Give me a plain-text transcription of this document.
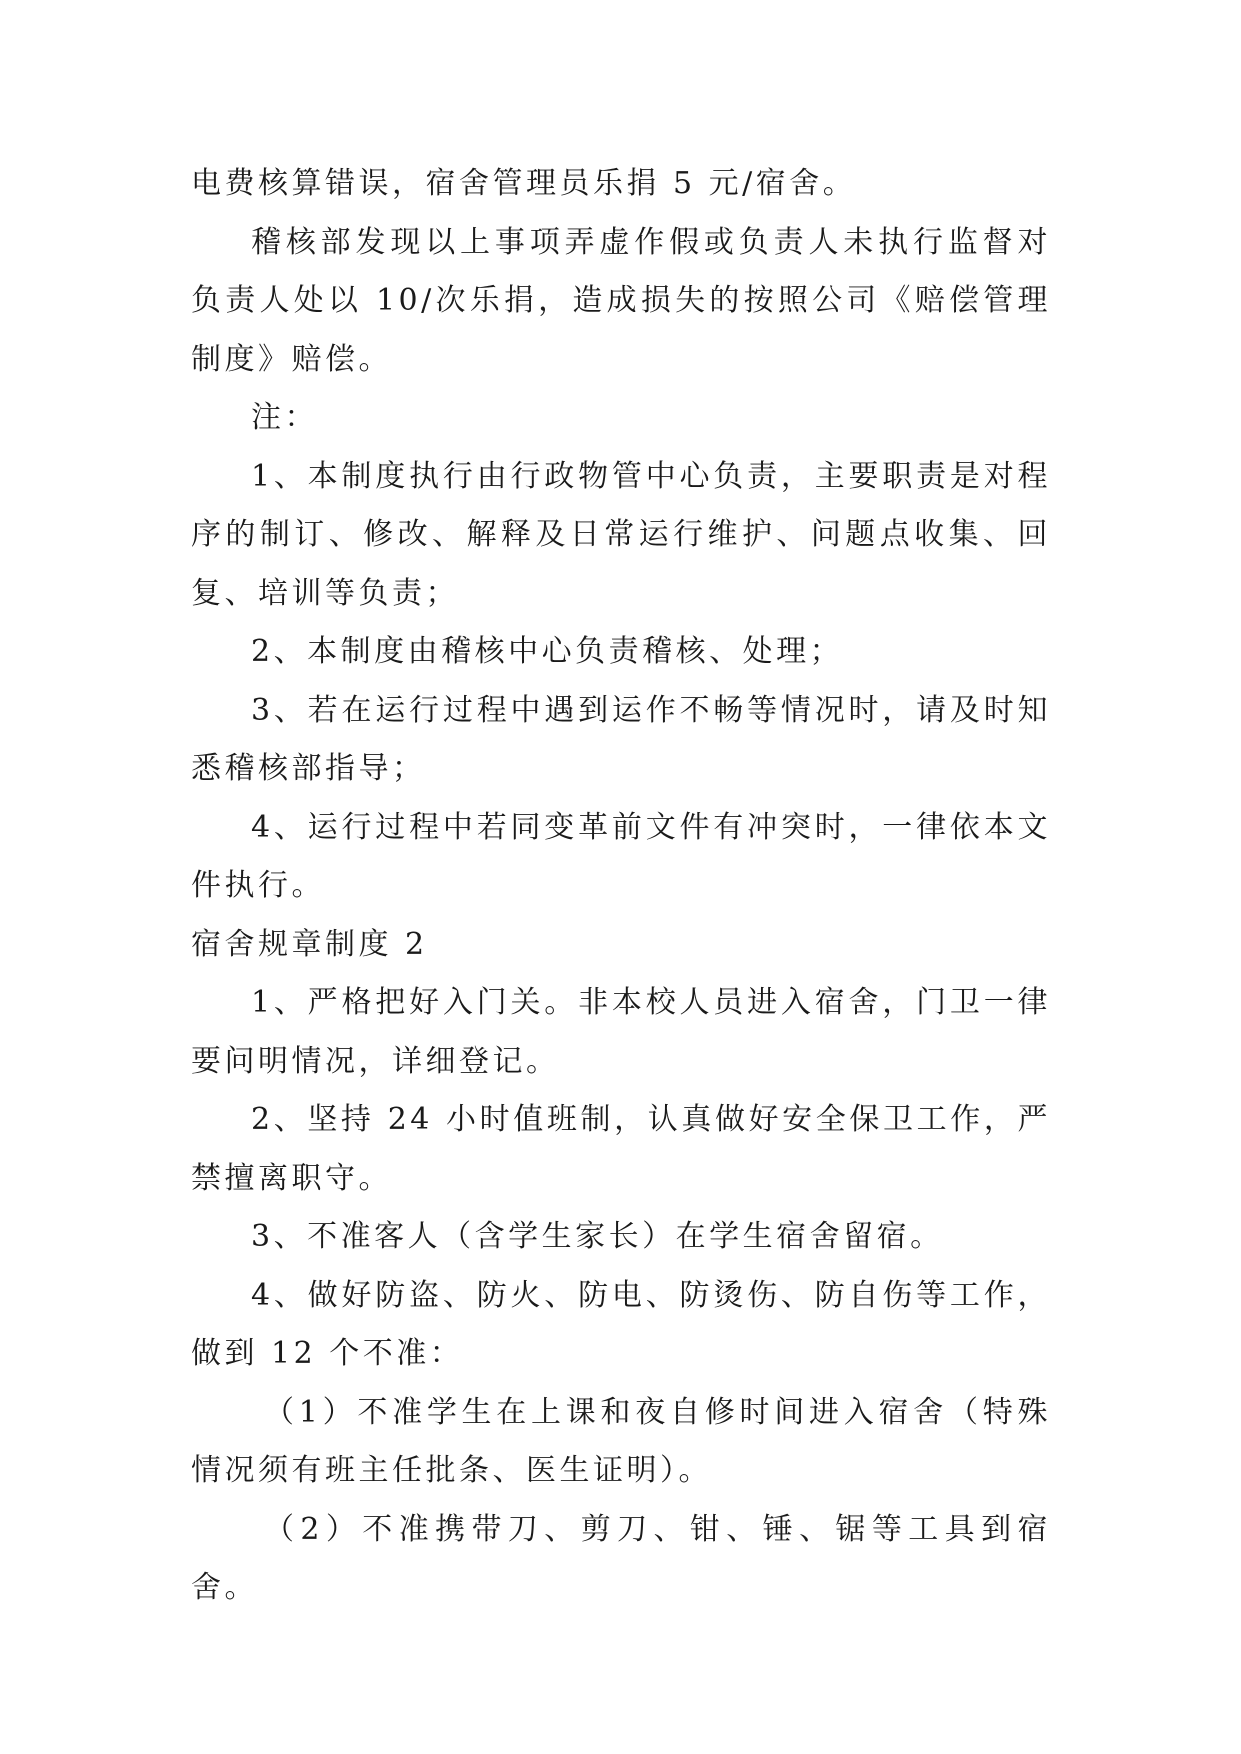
电费核算错误，宿舍管理员乐捐 5 元/宿舍。

稽核部发现以上事项弄虚作假或负责人未执行监督对负责人处以 10/次乐捐，造成损失的按照公司《赔偿管理制度》赔偿。

注：

1、本制度执行由行政物管中心负责，主要职责是对程序的制订、修改、解释及日常运行维护、问题点收集、回复、培训等负责；

2、本制度由稽核中心负责稽核、处理；

3、若在运行过程中遇到运作不畅等情况时，请及时知悉稽核部指导；

4、运行过程中若同变革前文件有冲突时，一律依本文件执行。

宿舍规章制度 2

1、严格把好入门关。非本校人员进入宿舍，门卫一律要问明情况，详细登记。

2、坚持 24 小时值班制，认真做好安全保卫工作，严禁擅离职守。

3、不准客人（含学生家长）在学生宿舍留宿。

4、做好防盗、防火、防电、防烫伤、防自伤等工作，做到 12 个不准：

（1）不准学生在上课和夜自修时间进入宿舍（特殊情况须有班主任批条、医生证明）。

（2）不准携带刀、剪刀、钳、锤、锯等工具到宿舍。
